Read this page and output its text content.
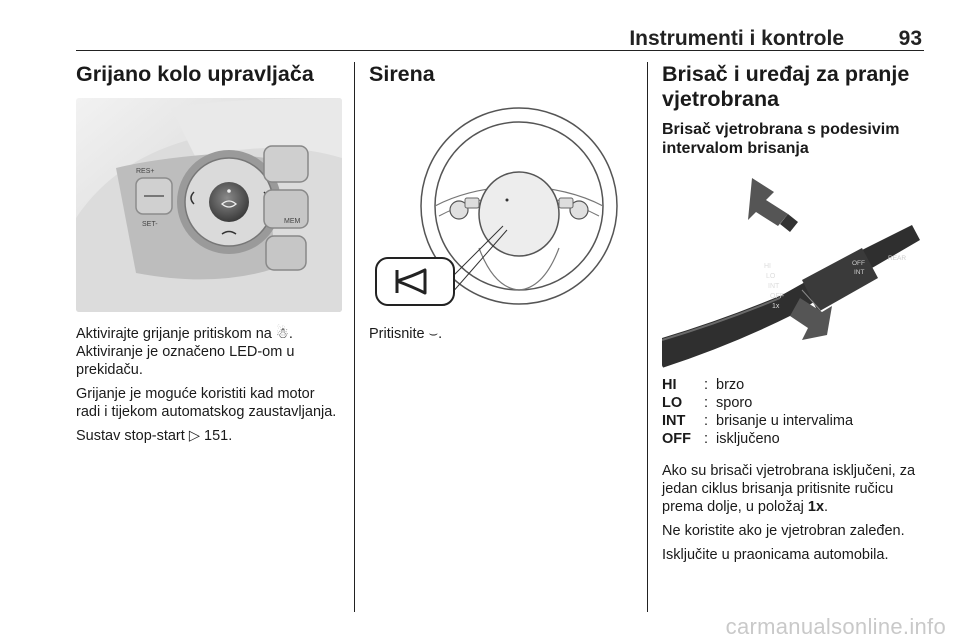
Instrumenti i kontrole	93
Grijano kolo upravljača
RES+
SET-	MEM

Aktivirajte grijanje pritiskom na ☃.

Aktiviranje je označeno LED-om u prekidaču.

Grijanje je moguće koristiti kad motor radi i tijekom automatskog zaustavljanja.

Sustav stop-start ▷ 151.

Sirena

Pritisnite ⌣.

Brisač i uređaj za pranje vjetrobrana
Brisač vjetrobrana s podesivim intervalom brisanja
HI
LO
INT
OFF
1x
OFF
INT
REAR
HI	: brzo
LO	: sporo
INT	: brisanje u intervalima
OFF : isključeno

Ako su brisači vjetrobrana isključeni, za jedan ciklus brisanja pritisnite ručicu prema dolje, u položaj 1x.

Ne koristite ako je vjetrobran zaleđen.

Isključite u praonicama automobila.

carmanualsonline.info
